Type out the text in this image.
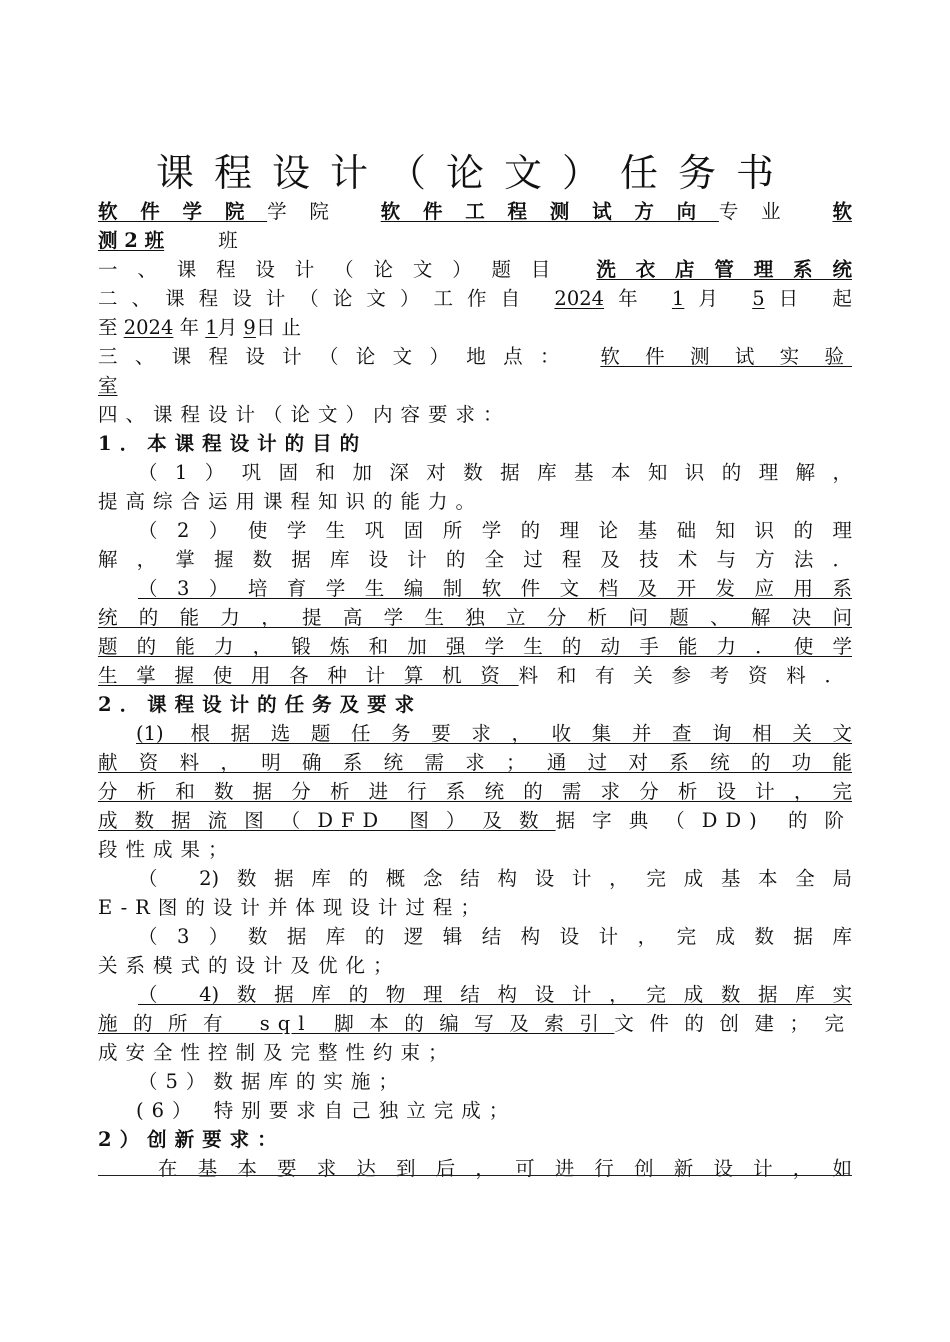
课程设计（论文）任务书
软件学院学院 软件工程测试方向专业 软
测 2 班	班
一、课程设计（论文）题目 洗衣店管理系统
二、课程设计（论文）工作自 2024年 1月 5日 起
至 2024 年 1月 9日 止
三、课程设计（论文）地点： 软件测试实验
室
四、课程设计（论文）内容要求：
1．本课程设计的目的
（1）巩固和加深对数据库基本知识的理解，
提高综合运用课程知识的能力。
（2）使学生巩固所学的理论基础知识的理
解，掌握数据库设计的全过程及技术与方法．
（3）培育学生编制软件文档及开发应用系
统的能力，提高学生独立分析问题、解决问
题的能力，锻炼和加强学生的动手能力．使学
生掌握使用各种计算机资料和有关参考资料．
2．课程设计的任务及要求
(1) 根据选题任务要求，收集并查询相关文
献资料，明确系统需求；通过对系统的功能
分析和数据分析进行系统的需求分析设计，完
成数据流图（DFD 图）及数据字典（DD) 的阶
段性成果；
（ 2)数据库的概念结构设计，完成基本全局
E-R图的设计并体现设计过程；
（3）数据库的逻辑结构设计，完成数据库
关系模式的设计及优化；
（ 4)数据库的物理结构设计，完成数据库实
施的所有 sql 脚本的编写及索引文件的创建；完
成安全性控制及完整性约束；
（5）数据库的实施；
(6） 特别要求自己独立完成；
2）创新要求：
在基本要求达到后，可进行创新设计，如
